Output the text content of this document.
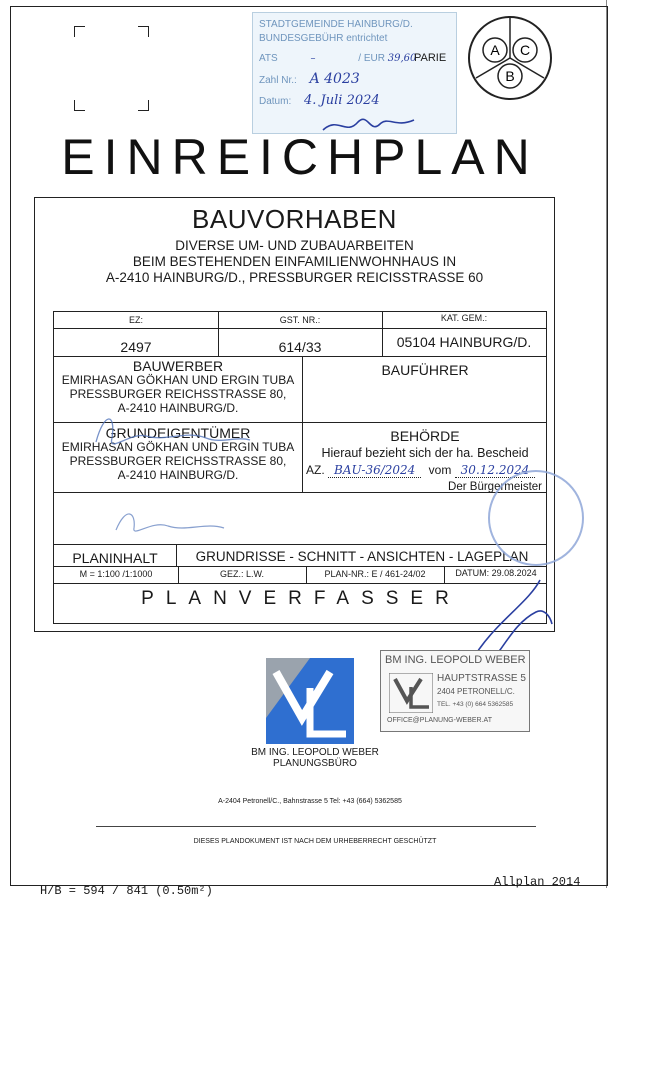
STADTGEMEINDE HAINBURG/D.
BUNDESGEBÜHR entrichtet
ATS	–	/ EUR 39,60
Zahl Nr.: A 4023
Datum: 4. Juli 2024
PARIE	A C
B
EINREICHPLAN
BAUVORHABEN
DIVERSE UM- UND ZUBAUARBEITEN
BEIM BESTEHENDEN EINFAMILIENWOHNHAUS IN
A-2410 HAINBURG/D., PRESSBURGER REICISSTRASSE 60
EZ:	GST. NR.:	KAT. GEM.:
2497	614/33	05104 HAINBURG/D.
BAUWERBER
EMIRHASAN GÖKHAN UND ERGIN TUBA
PRESSBURGER REICHSSTRASSE 80,
A-2410 HAINBURG/D.
BAUFÜHRER
GRUNDEIGENTÜMER
EMIRHASAN GÖKHAN UND ERGIN TUBA
PRESSBURGER REICHSSTRASSE 80,
A-2410 HAINBURG/D.
BEHÖRDE
Hierauf bezieht sich der ha. Bescheid
AZ. BAU-36/2024 vom 30.12.2024
Der Bürgermeister
PLANINHALT	GRUNDRISSE - SCHNITT - ANSICHTEN - LAGEPLAN
M = 1:100 /1:1000	GEZ.: L.W.	PLAN-NR.: E / 461-24/02	DATUM: 29.08.2024
PLANVERFASSER
BM ING. LEOPOLD WEBER
PLANUNGSBÜRO
BM ING. LEOPOLD WEBER
HAUPTSTRASSE 5
2404 PETRONELL/C.
TEL. +43 (0) 664 5362585
OFFICE@PLANUNG-WEBER.AT
A-2404 Petronell/C., Bahnstrasse 5 Tel: +43 (664) 5362585
DIESES PLANDOKUMENT IST NACH DEM URHEBERRECHT GESCHÜTZT
H/B = 594 / 841 (0.50m²)
Allplan 2014
